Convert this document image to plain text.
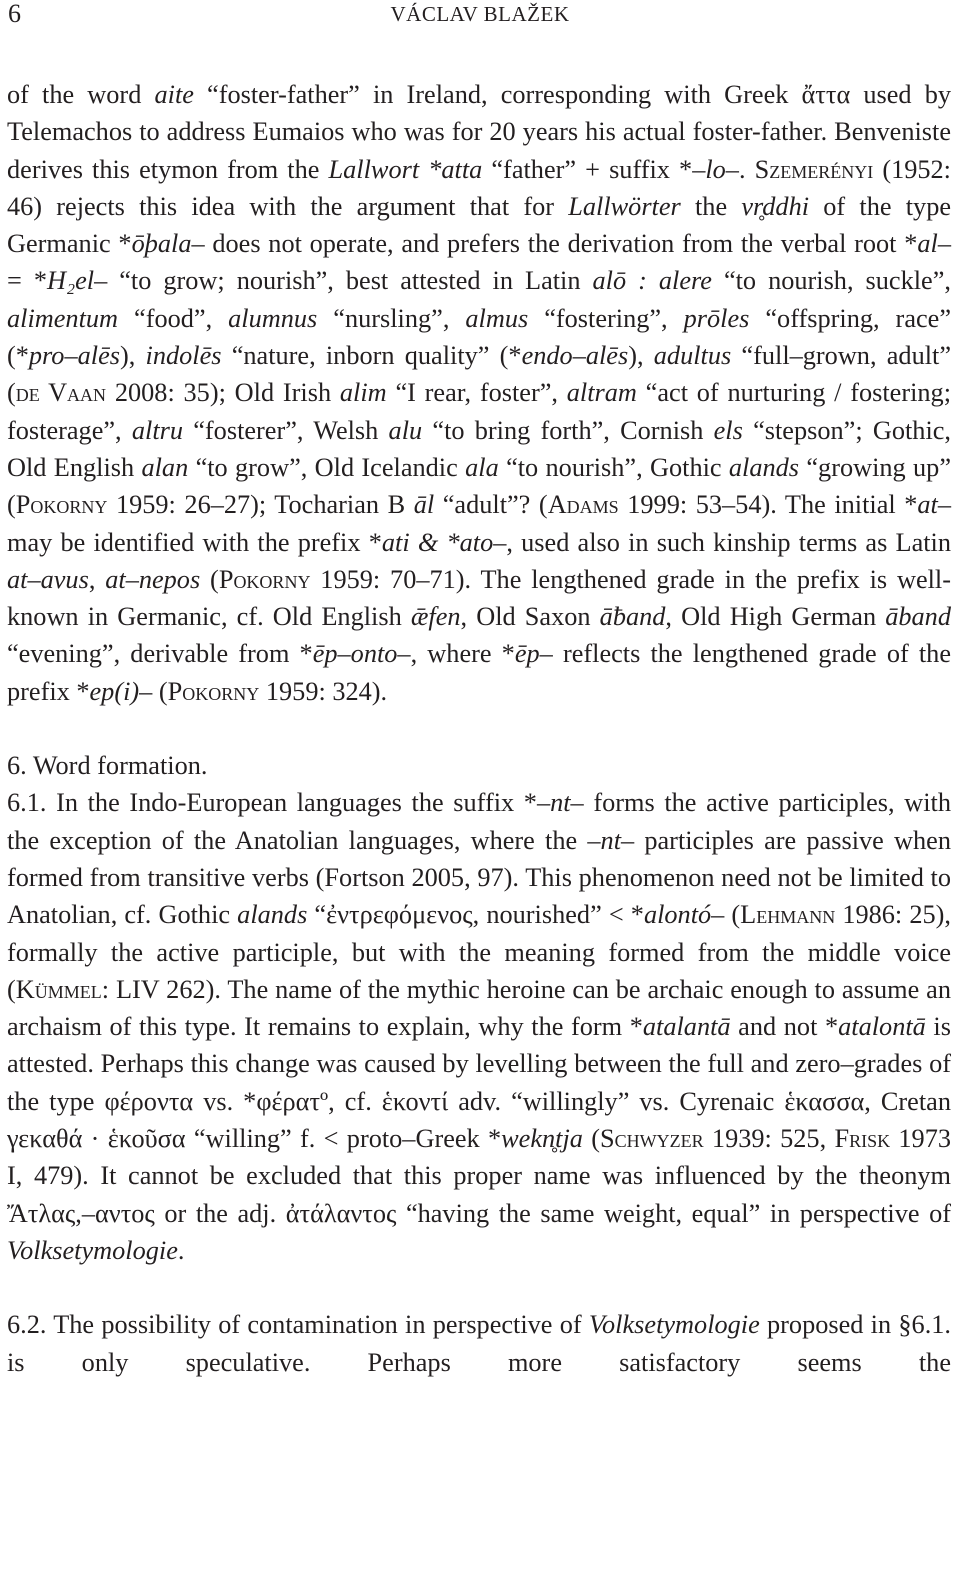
6	VÁCLAV BLAŽEK

of the word aite “foster-father” in Ireland, corresponding with Greek ἄττα used by Telemachos to address Eumaios who was for 20 years his actual foster-father. Benveniste derives this etymon from the Lallwort *atta “father” + suffix *–lo–. Szemerényi (1952: 46) rejects this idea with the argument that for Lallwörter the vr̥ddhi of the type Germanic *ōþala– does not operate, and prefers the derivation from the verbal root *al– = *H₂el– “to grow; nourish”, best attested in Latin alō : alere “to nourish, suckle”, alimentum “food”, alumnus “nursling”, almus “fostering”, prōles “offspring, race” (*pro–alēs), indolēs “nature, inborn quality” (*endo–alēs), adultus “full–grown, adult” (de Vaan 2008: 35); Old Irish alim “I rear, foster”, altram “act of nurturing / fostering; fosterage”, altru “fosterer”, Welsh alu “to bring forth”, Cornish els “stepson”; Gothic, Old English alan “to grow”, Old Icelandic ala “to nourish”, Gothic alands “growing up” (Pokorny 1959: 26–27); Tocharian B āl “adult”? (Adams 1999: 53–54). The initial *at– may be identified with the prefix *ati & *ato–, used also in such kinship terms as Latin at–avus, at–nepos (Pokorny 1959: 70–71). The lengthened grade in the prefix is well-known in Germanic, cf. Old English ǣfen, Old Saxon āƀand, Old High German āband “evening”, derivable from *ēp–onto–, where *ēp– reflects the lengthened grade of the prefix *ep(i)– (Pokorny 1959: 324).

6. Word formation.

6.1. In the Indo-European languages the suffix *–nt– forms the active participles, with the exception of the Anatolian languages, where the –nt– participles are passive when formed from transitive verbs (Fortson 2005, 97). This phenomenon need not be limited to Anatolian, cf. Gothic alands “ἐντρεφόμενος, nourished” < *alontó– (Lehmann 1986: 25), formally the active participle, but with the meaning formed from the middle voice (Kümmel: LIV 262). The name of the mythic heroine can be archaic enough to assume an archaism of this type. It remains to explain, why the form *atalantā and not *atalontā is attested. Perhaps this change was caused by levelling between the full and zero–grades of the type φέροντα vs. *φέρατº, cf. ἑκοντί adv. “willingly” vs. Cyrenaic ἑκασσα, Cretan γεκαθά · ἑκοῦσα “willing” f. < proto–Greek *wekn̥tja (Schwyzer 1939: 525, Frisk 1973 I, 479). It cannot be excluded that this proper name was influenced by the theonym Ἄτλας,–αντος or the adj. ἀτάλαντος “having the same weight, equal” in perspective of Volksetymologie.

6.2. The possibility of contamination in perspective of Volksetymologie proposed in §6.1. is only speculative. Perhaps more satisfactory seems the
